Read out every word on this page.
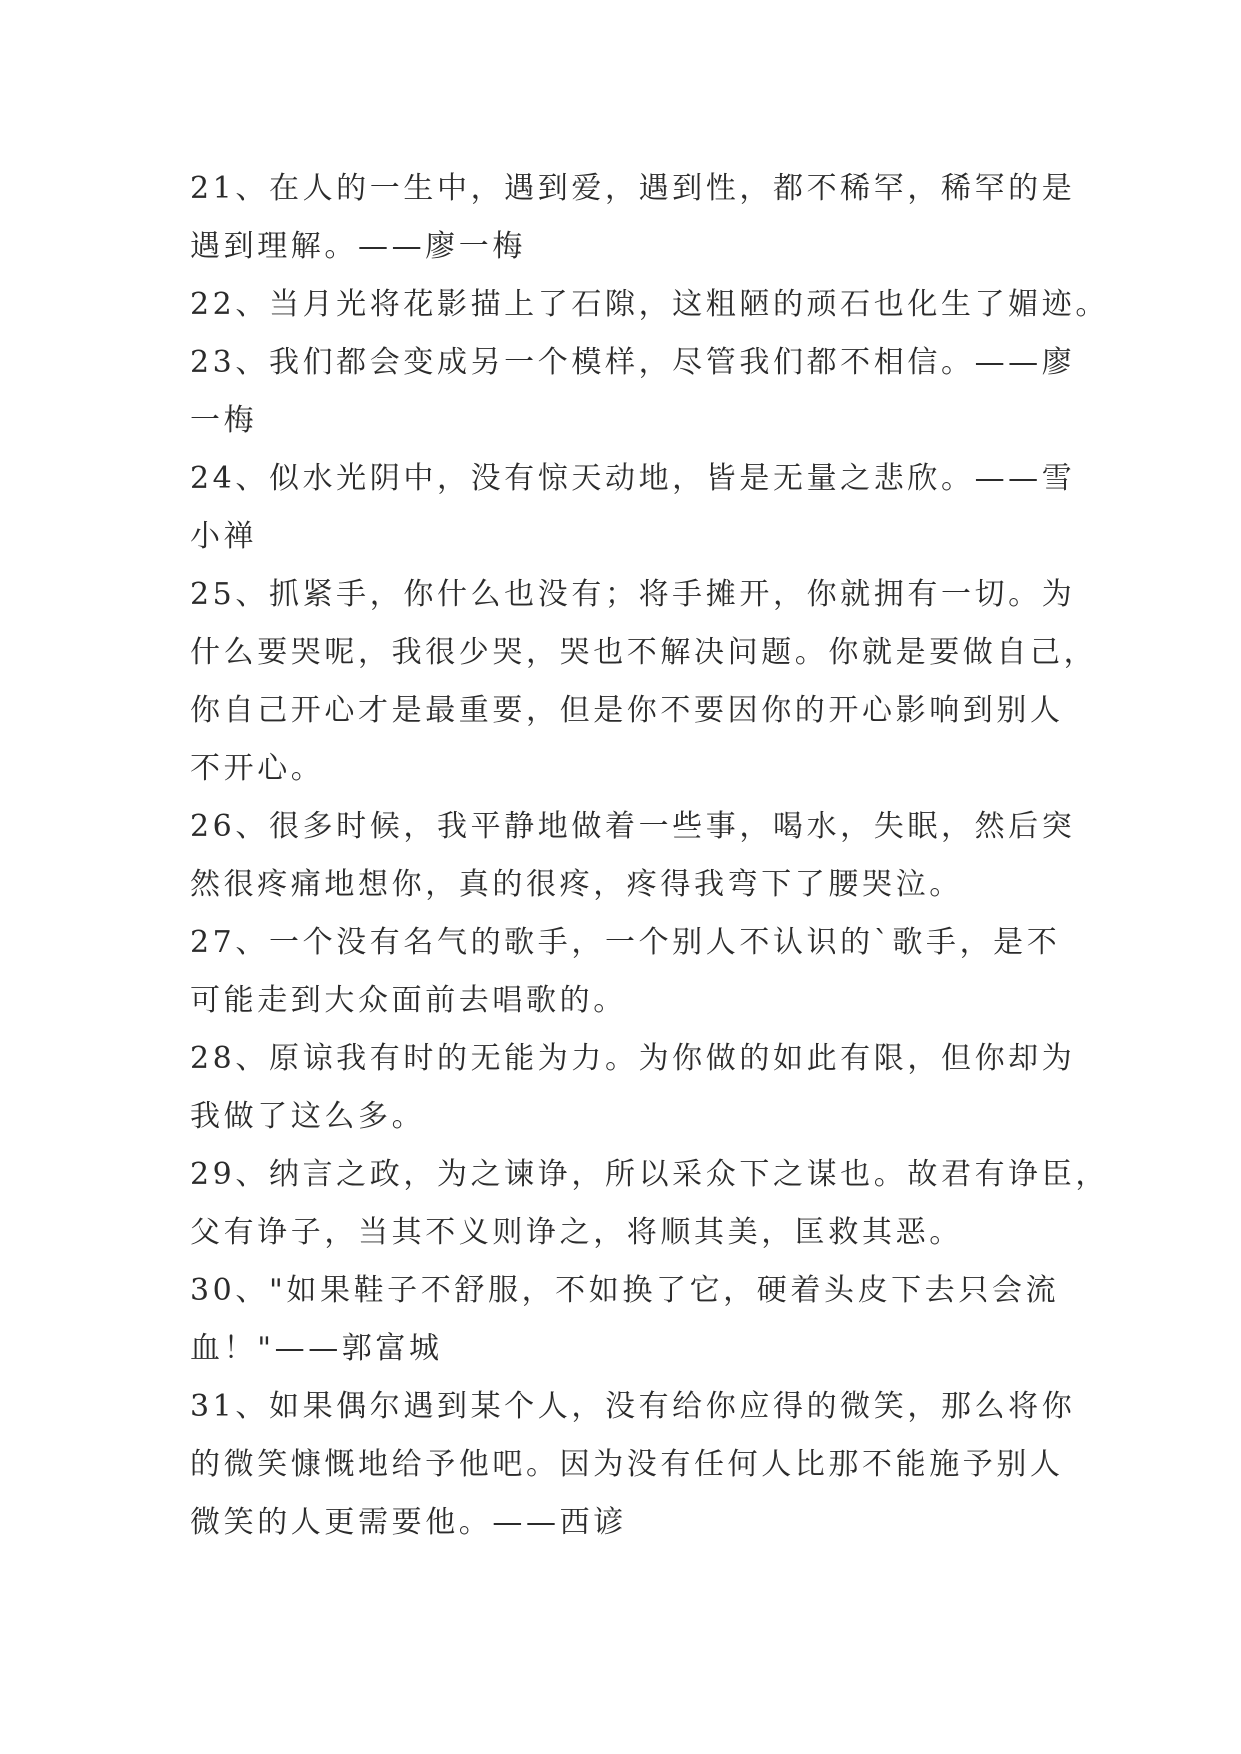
21、在人的一生中，遇到爱，遇到性，都不稀罕，稀罕的是
遇到理解。——廖一梅

22、当月光将花影描上了石隙，这粗陋的顽石也化生了媚迹。

23、我们都会变成另一个模样，尽管我们都不相信。——廖
一梅

24、似水光阴中，没有惊天动地，皆是无量之悲欣。——雪
小禅

25、抓紧手，你什么也没有；将手摊开，你就拥有一切。为
什么要哭呢，我很少哭，哭也不解决问题。你就是要做自己，
你自己开心才是最重要，但是你不要因你的开心影响到别人
不开心。

26、很多时候，我平静地做着一些事，喝水，失眠，然后突
然很疼痛地想你，真的很疼，疼得我弯下了腰哭泣。

27、一个没有名气的歌手，一个别人不认识的`歌手，是不
可能走到大众面前去唱歌的。

28、原谅我有时的无能为力。为你做的如此有限，但你却为
我做了这么多。

29、纳言之政，为之谏诤，所以采众下之谋也。故君有诤臣，
父有诤子，当其不义则诤之，将顺其美，匡救其恶。

30、"如果鞋子不舒服，不如换了它，硬着头皮下去只会流
血！"——郭富城

31、如果偶尔遇到某个人，没有给你应得的微笑，那么将你
的微笑慷慨地给予他吧。因为没有任何人比那不能施予别人
微笑的人更需要他。——西谚
